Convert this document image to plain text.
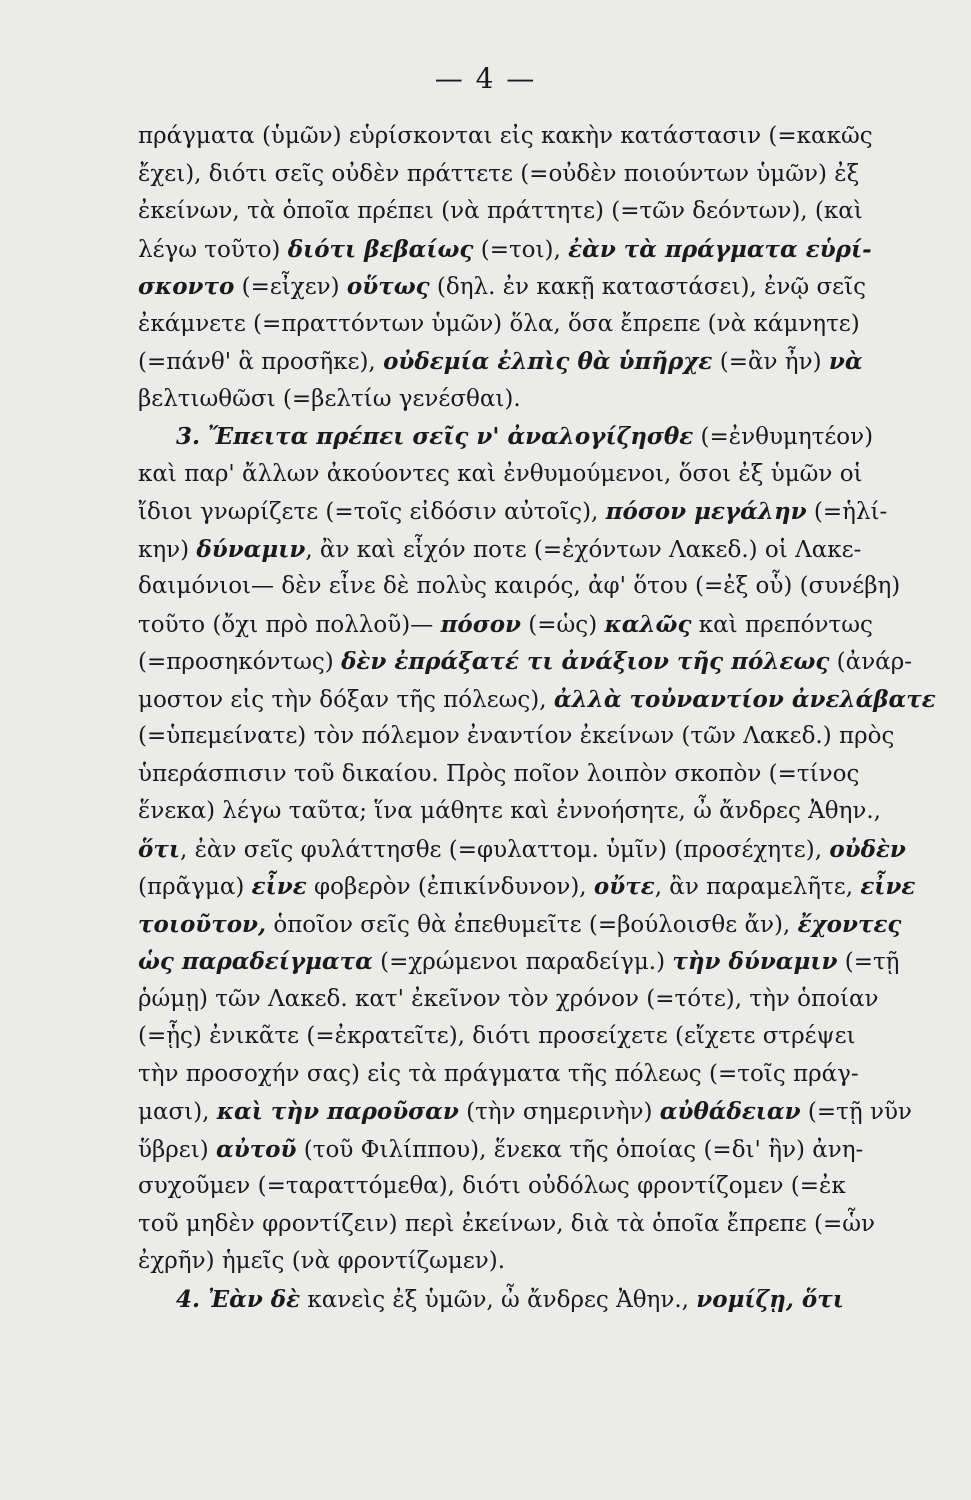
— 4 —
πράγματα (ὑμῶν) εὑρίσκονται εἰς κακὴν κατάστασιν (=κακῶς
ἔχει), διότι σεῖς οὐδὲν πράττετε (=οὐδὲν ποιούντων ὑμῶν) ἐξ
ἐκείνων, τὰ ὁποῖα πρέπει (νὰ πράττητε) (=τῶν δεόντων), (καὶ
λέγω τοῦτο) διότι βεβαίως (=τοι), ἐὰν τὰ πράγματα εὑρί-
σκοντο (=εἶχεν) οὕτως (δηλ. ἐν κακῇ καταστάσει), ἐνῷ σεῖς
ἐκάμνετε (=πραττόντων ὑμῶν) ὅλα, ὅσα ἔπρεπε (νὰ κάμνητε)
(=πάνθ' ἃ προσῆκε), οὐδεμία ἐλπὶς θὰ ὑπῆρχε (=ἂν ἦν) νὰ
βελτιωθῶσι (=βελτίω γενέσθαι).
3. Ἔπειτα πρέπει σεῖς ν' ἀναλογίζησθε (=ἐνθυμητέον)
καὶ παρ' ἄλλων ἀκούοντες καὶ ἐνθυμούμενοι, ὅσοι ἐξ ὑμῶν οἱ
ἴδιοι γνωρίζετε (=τοῖς εἰδόσιν αὐτοῖς), πόσον μεγάλην (=ἡλί-
κην) δύναμιν, ἂν καὶ εἶχόν ποτε (=ἐχόντων Λακεδ.) οἱ Λακε-
δαιμόνιοι— δὲν εἶνε δὲ πολὺς καιρός, ἀφ' ὅτου (=ἐξ οὗ) (συνέβη)
τοῦτο (ὄχι πρὸ πολλοῦ)— πόσον (=ὡς) καλῶς καὶ πρεπόντως
(=προσηκόντως) δὲν ἐπράξατέ τι ἀνάξιον τῆς πόλεως (ἀνάρ-
μοστον εἰς τὴν δόξαν τῆς πόλεως), ἀλλὰ τοὐναντίον ἀνελάβατε
(=ὑπεμείνατε) τὸν πόλεμον ἐναντίον ἐκείνων (τῶν Λακεδ.) πρὸς
ὑπεράσπισιν τοῦ δικαίου. Πρὸς ποῖον λοιπὸν σκοπὸν (=τίνος
ἕνεκα) λέγω ταῦτα; ἵνα μάθητε καὶ ἐννοήσητε, ὦ ἄνδρες Ἀθην.,
ὅτι, ἐὰν σεῖς φυλάττησθε (=φυλαττομ. ὑμῖν) (προσέχητε), οὐδὲν
(πρᾶγμα) εἶνε φοβερὸν (ἐπικίνδυνον), οὔτε, ἂν παραμελῆτε, εἶνε
τοιοῦτον, ὁποῖον σεῖς θὰ ἐπεθυμεῖτε (=βούλοισθε ἄν), ἔχοντες
ὡς παραδείγματα (=χρώμενοι παραδείγμ.) τὴν δύναμιν (=τῇ
ῥώμῃ) τῶν Λακεδ. κατ' ἐκεῖνον τὸν χρόνον (=τότε), τὴν ὁποίαν
(=ᾗς) ἐνικᾶτε (=ἐκρατεῖτε), διότι προσείχετε (εἴχετε στρέψει
τὴν προσοχήν σας) εἰς τὰ πράγματα τῆς πόλεως (=τοῖς πράγ-
μασι), καὶ τὴν παροῦσαν (τὴν σημερινὴν) αὐθάδειαν (=τῇ νῦν
ὕβρει) αὐτοῦ (τοῦ Φιλίππου), ἕνεκα τῆς ὁποίας (=δι' ἣν) ἀνη-
συχοῦμεν (=ταραττόμεθα), διότι οὐδόλως φροντίζομεν (=ἐκ
τοῦ μηδὲν φροντίζειν) περὶ ἐκείνων, διὰ τὰ ὁποῖα ἔπρεπε (=ὧν
ἐχρῆν) ἡμεῖς (νὰ φροντίζωμεν).
4. Ἐὰν δὲ κανεὶς ἐξ ὑμῶν, ὦ ἄνδρες Ἀθην., νομίζῃ, ὅτι
